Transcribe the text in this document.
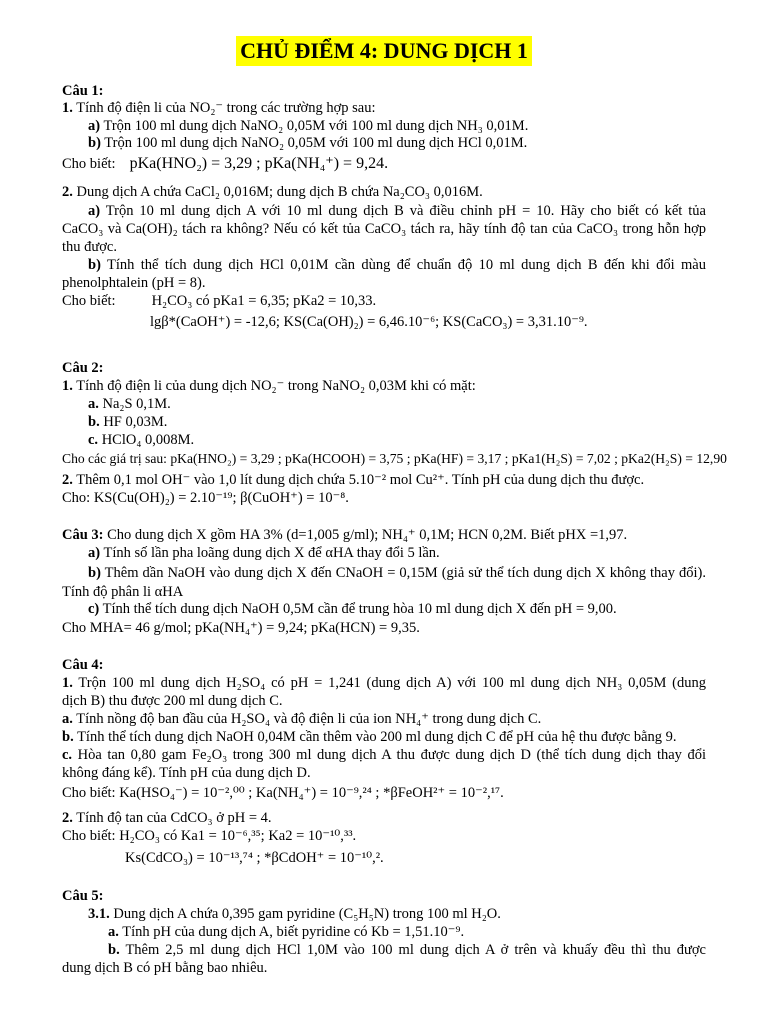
CHỦ ĐIỂM 4: DUNG DỊCH 1
Câu 1:
1. Tính độ điện li của NO₂⁻ trong các trường hợp sau:
a) Trộn 100 ml dung dịch NaNO₂ 0,05M với 100 ml dung dịch NH₃ 0,01M.
b) Trộn 100 ml dung dịch NaNO₂ 0,05M với 100 ml dung dịch HCl 0,01M.
Cho biết: pKa(HNO₂) = 3,29 ; pKa(NH₄⁺) = 9,24.
2. Dung dịch A chứa CaCl₂ 0,016M; dung dịch B chứa Na₂CO₃ 0,016M.
a) Trộn 10 ml dung dịch A với 10 ml dung dịch B và điều chỉnh pH = 10. Hãy cho biết có kết tủa
CaCO₃ và Ca(OH)₂ tách ra không? Nếu có kết tủa CaCO₃ tách ra, hãy tính độ tan của CaCO₃ trong hỗn hợp
thu được.
b) Tính thể tích dung dịch HCl 0,01M cần dùng để chuẩn độ 10 ml dung dịch B đến khi đổi màu
phenolphtalein (pH = 8).
Cho biết: H₂CO₃ có pKa1 = 6,35; pKa2 = 10,33.
lgβ*(CaOH⁺) = -12,6; KS(Ca(OH)₂) = 6,46.10⁻⁶; KS(CaCO₃) = 3,31.10⁻⁹.
Câu 2:
1. Tính độ điện li của dung dịch NO₂⁻ trong NaNO₂ 0,03M khi có mặt:
a. Na₂S 0,1M.
b. HF 0,03M.
c. HClO₄ 0,008M.
Cho các giá trị sau: pKa(HNO₂) = 3,29 ; pKa(HCOOH) = 3,75 ; pKa(HF) = 3,17 ; pKa1(H₂S) = 7,02 ; pKa2(H₂S) = 12,90
2. Thêm 0,1 mol OH⁻ vào 1,0 lít dung dịch chứa 5.10⁻² mol Cu²⁺. Tính pH của dung dịch thu được.
Cho: KS(Cu(OH)₂) = 2.10⁻¹⁹; β(CuOH⁺) = 10⁻⁸.
Câu 3: Cho dung dịch X gồm HA 3% (d=1,005 g/ml); NH₄⁺ 0,1M; HCN 0,2M. Biết pHX =1,97.
a) Tính số lần pha loãng dung dịch X để αHA thay đổi 5 lần.
b) Thêm dần NaOH vào dung dịch X đến CNaOH = 0,15M (giả sử thể tích dung dịch X không thay đổi).
Tính độ phân li αHA
c) Tính thể tích dung dịch NaOH 0,5M cần để trung hòa 10 ml dung dịch X đến pH = 9,00.
Cho MHA= 46 g/mol; pKa(NH₄⁺) = 9,24; pKa(HCN) = 9,35.
Câu 4:
1. Trộn 100 ml dung dịch H₂SO₄ có pH = 1,241 (dung dịch A) với 100 ml dung dịch NH₃ 0,05M (dung
dịch B) thu được 200 ml dung dịch C.
a. Tính nồng độ ban đầu của H₂SO₄ và độ điện li của ion NH₄⁺ trong dung dịch C.
b. Tính thể tích dung dịch NaOH 0,04M cần thêm vào 200 ml dung dịch C để pH của hệ thu được bằng 9.
c. Hòa tan 0,80 gam Fe₂O₃ trong 300 ml dung dịch A thu được dung dịch D (thể tích dung dịch thay đổi
không đáng kể). Tính pH của dung dịch D.
Cho biết: Ka(HSO₄⁻) = 10⁻²,⁰⁰ ; Ka(NH₄⁺) = 10⁻⁹,²⁴ ; *βFeOH²⁺ = 10⁻²,¹⁷.
2. Tính độ tan của CdCO₃ ở pH = 4.
Cho biết: H₂CO₃ có Ka1 = 10⁻⁶,³⁵; Ka2 = 10⁻¹⁰,³³.
Ks(CdCO₃) = 10⁻¹³,⁷⁴ ; *βCdOH⁺ = 10⁻¹⁰,².
Câu 5:
3.1. Dung dịch A chứa 0,395 gam pyridine (C₅H₅N) trong 100 ml H₂O.
a. Tính pH của dung dịch A, biết pyridine có Kb = 1,51.10⁻⁹.
b. Thêm 2,5 ml dung dịch HCl 1,0M vào 100 ml dung dịch A ở trên và khuấy đều thì thu được
dung dịch B có pH bằng bao nhiêu.
